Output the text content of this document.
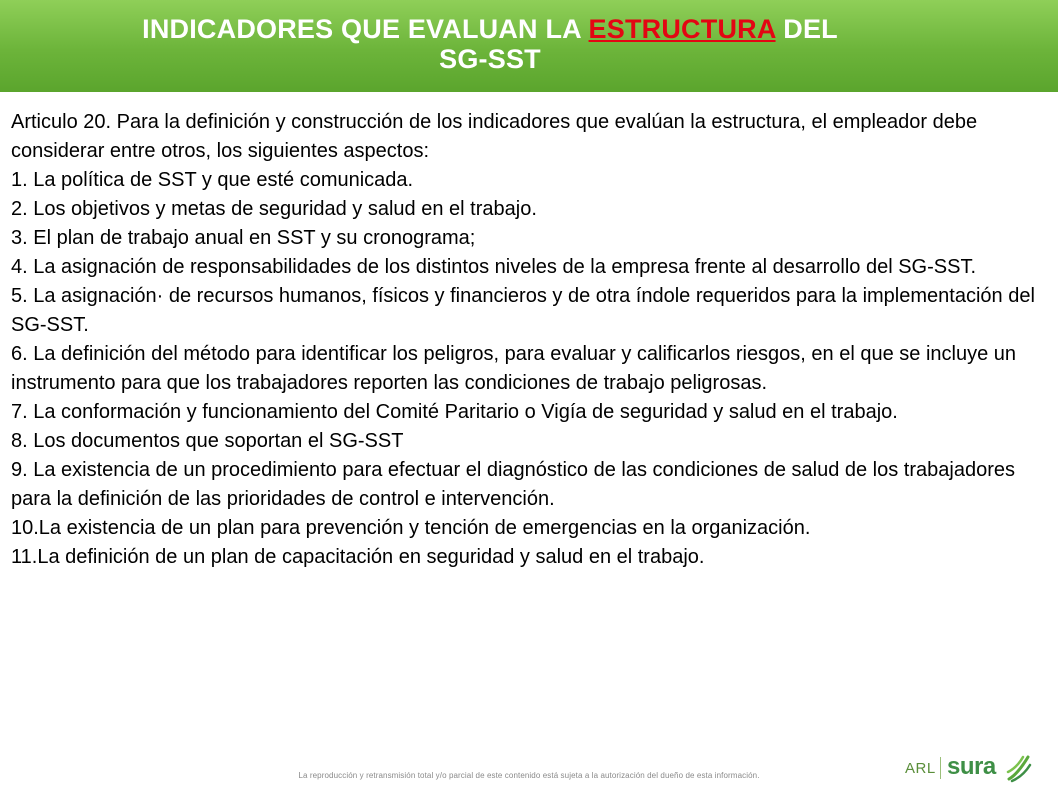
INDICADORES QUE EVALUAN LA ESTRUCTURA DEL
SG-SST

Articulo 20. Para la definición y construcción de los indicadores que evalúan la estructura, el empleador debe considerar entre otros, los siguientes aspectos:

1. La política de SST y que esté comunicada.

2. Los objetivos y metas de seguridad y salud en el trabajo.

3. El plan de trabajo anual en SST y su cronograma;

4. La asignación de responsabilidades de los distintos niveles de la empresa frente al desarrollo del SG-SST.

5. La asignación· de recursos humanos, físicos y financieros y de otra índole requeridos para la implementación del SG-SST.

6. La definición del método para identificar los peligros, para evaluar y calificarlos riesgos, en el que se incluye un instrumento para que los trabajadores reporten las condiciones de trabajo peligrosas.

7. La conformación y funcionamiento del Comité Paritario o Vigía de seguridad y salud en el trabajo.

8. Los documentos que soportan el SG-SST

9. La existencia de un procedimiento para efectuar el diagnóstico de las condiciones de salud de los trabajadores para la definición de las prioridades de control e intervención.

10.La existencia de un plan para prevención y tención de emergencias en la organización.

11.La definición de un plan de capacitación en seguridad y salud en el trabajo.

La reproducción y retransmisión total y/o parcial de este contenido está sujeta a la autorización del dueño de esta información.	ARL sura
